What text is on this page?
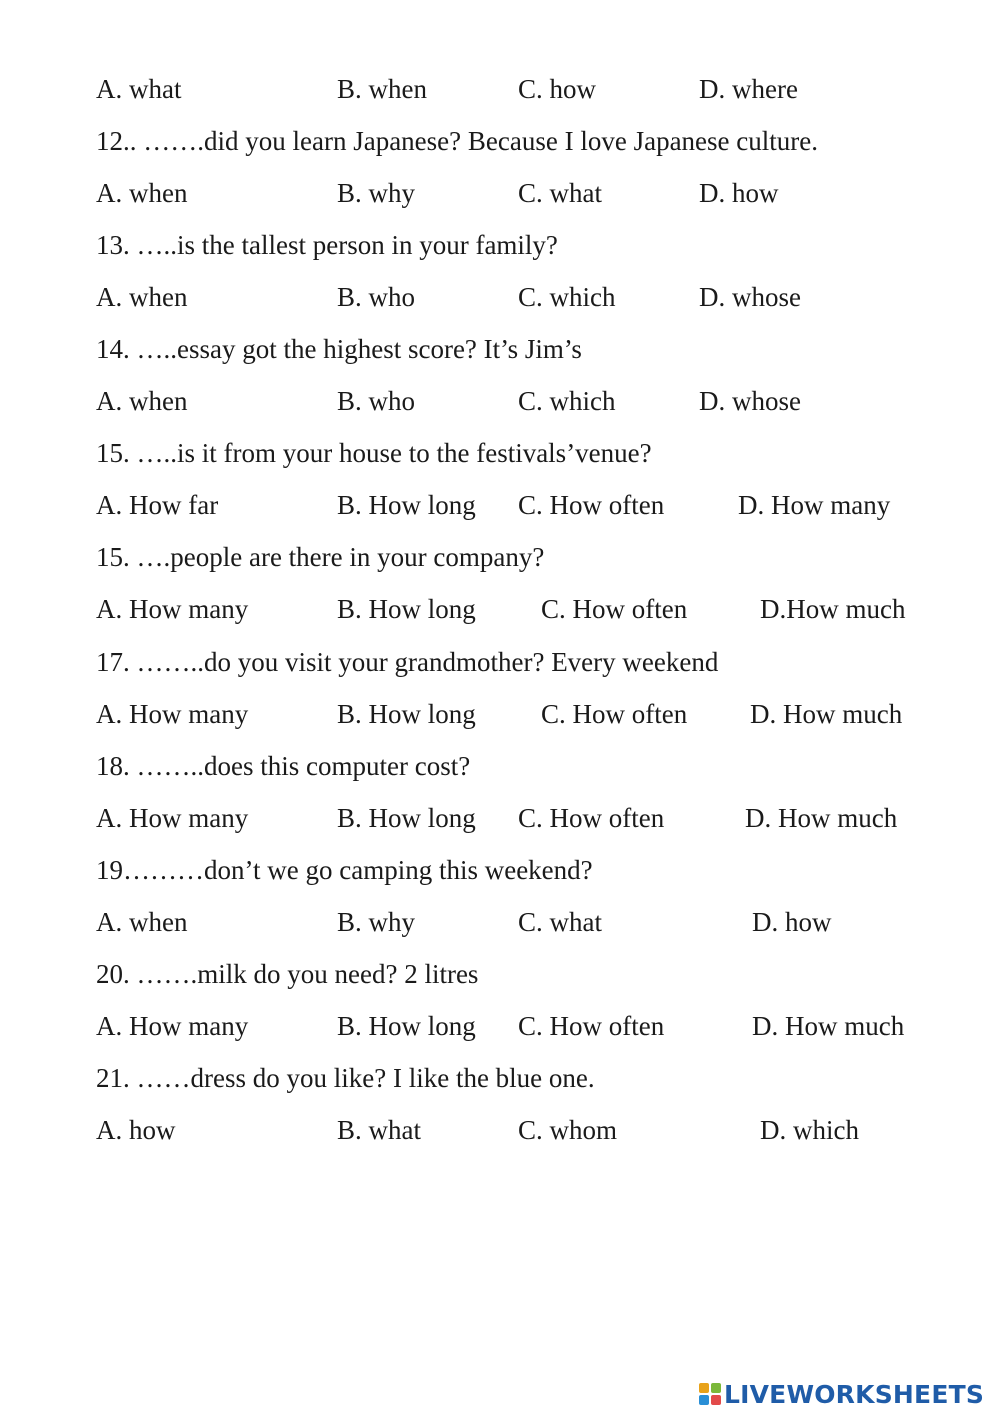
A. what	B. when	C. how	D. where
12.. …….did you learn Japanese? Because I love Japanese culture.
A. when	B. why	C. what	D. how
13. …..is the tallest person in your family?
A. when	B. who	C. which	D. whose
14. …..essay got the highest score? It’s Jim’s
A. when	B. who	C. which	D. whose
15. …..is it from your house to the festivals’venue?
A. How far	B. How long C. How often	D. How many
15. ….people are there in your company?
A. How many	B. How long C. How often	D.How much
17. ……..do you visit your grandmother? Every weekend
A. How many	B. How long C. How often D. How much
18. ……..does this computer cost?
A. How many	B. How long C. How often	D. How much
19………don’t we go camping this weekend?
A. when	B. why	C. what	D. how
20. …….milk do you need? 2 litres
A. How many	B. How long C. How often	D. How much
21. ……dress do you like? I like the blue one.
A. how	B. what	C. whom	D. which
LIVEWORKSHEETS
